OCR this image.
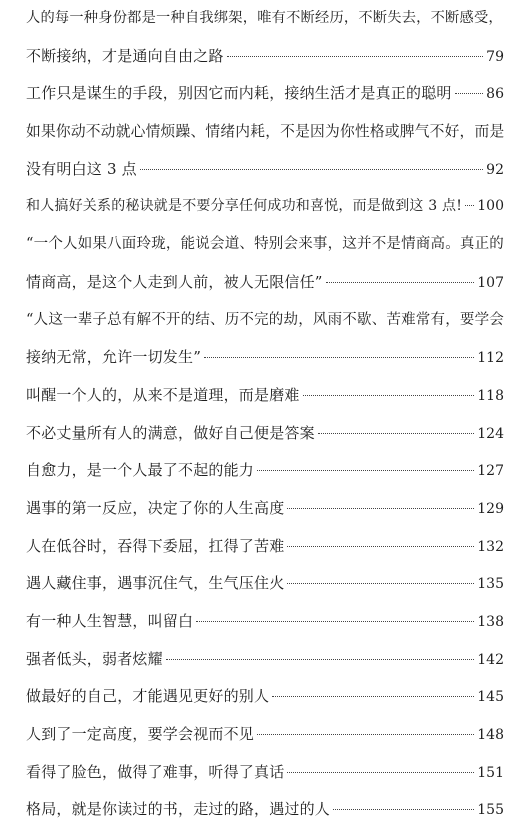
人的每一种身份都是一种自我绑架，唯有不断经历，不断失去，不断感受，
不断接纳，才是通向自由之路	79
工作只是谋生的手段，别因它而内耗，接纳生活才是真正的聪明 86
如果你动不动就心情烦躁、情绪内耗，不是因为你性格或脾气不好，而是
没有明白这 3 点	92
和人搞好关系的秘诀就是不要分享任何成功和喜悦，而是做到这 3 点! 100
“一个人如果八面玲珑，能说会道、特别会来事，这并不是情商高。真正的
情商高，是这个人走到人前，被人无限信任”	107
“人这一辈子总有解不开的结、历不完的劫，风雨不歇、苦难常有，要学会
接纳无常，允许一切发生”	112
叫醒一个人的，从来不是道理，而是磨难	118
不必丈量所有人的满意，做好自己便是答案	124
自愈力，是一个人最了不起的能力	127
遇事的第一反应，决定了你的人生高度	129
人在低谷时，吞得下委屈，扛得了苦难	132
遇人藏住事，遇事沉住气，生气压住火	135
有一种人生智慧，叫留白	138
强者低头，弱者炫耀	142
做最好的自己，才能遇见更好的别人	145
人到了一定高度，要学会视而不见	148
看得了脸色，做得了难事，听得了真话	151
格局，就是你读过的书，走过的路，遇过的人	155
